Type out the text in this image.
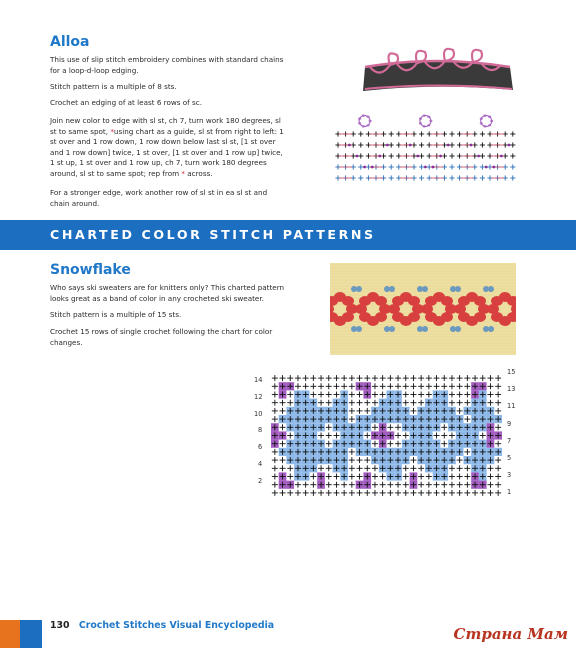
Alloa
This use of slip stitch embroidery combines with standard chains for a loop-d-loop edging.
Stitch pattern is a multiple of 8 sts.
Crochet an edging of at least 6 rows of sc.
Join new color to edge with sl st, ch 7, turn work 180 degrees, sl st to same spot, *using chart as a guide, sl st from right to left: 1 st over and 1 row down, 1 row down below last sl st, [1 st over and 1 row down] twice, 1 st over, [1 st over and 1 row up] twice, 1 st up, 1 st over and 1 row up, ch 7, turn work 180 degrees around, sl st to same spot; rep from * across.
For a stronger edge, work another row of sl st in ea sl st and chain around.
CHARTED COLOR STITCH PATTERNS
Snowflake
Who says ski sweaters are for knitters only? This charted pattern looks great as a band of color in any crocheted ski sweater.
Stitch pattern is a multiple of 15 sts.
Crochet 15 rows of single crochet following the chart for color changes.
14
12
10
8
6
4
2
15
13
11
9
7
5
3
1
130 Crochet Stitches Visual Encyclopedia	Страна Мам
